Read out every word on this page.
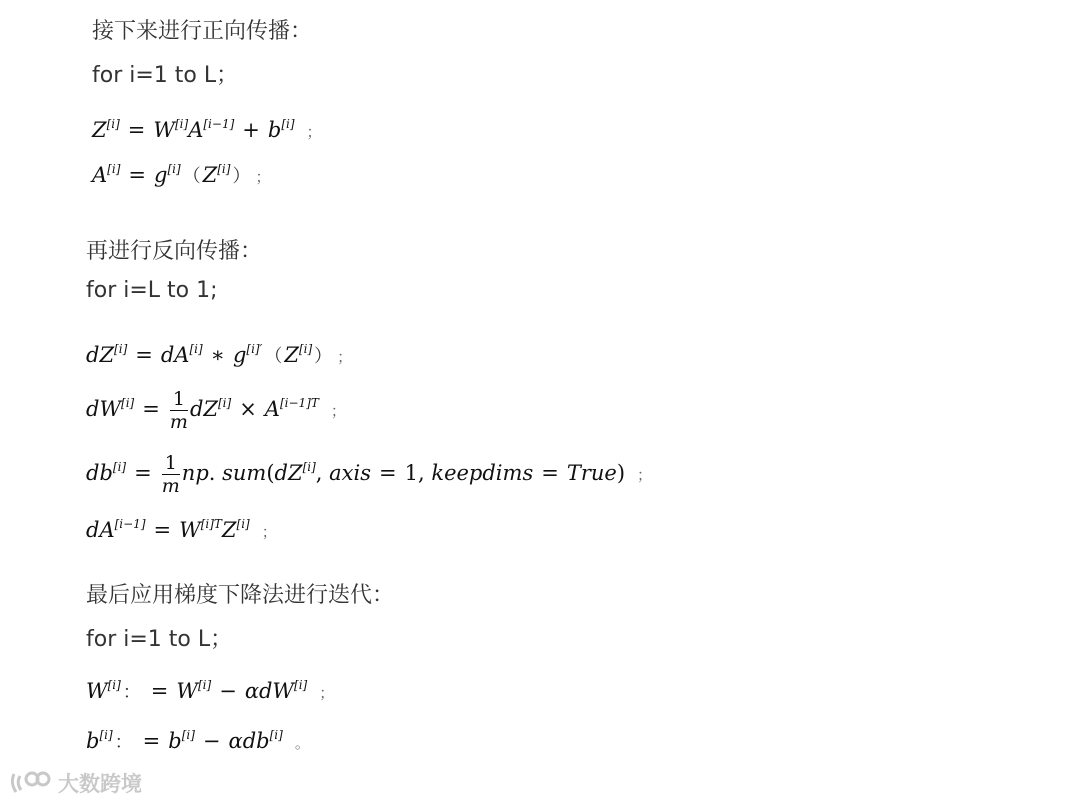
接下来进行正向传播：
for i=1 to L；
Z[i] = W[i]A[i−1] + b[i] ；
A[i] = g[i] （Z[i] ） ；
再进行反向传播：
for i=L to 1;
dZ[i] = dA[i] ∗ $g^{[i]'}$ （Z[i] ） ；
$dW[i] = \frac{1}{m} dZ[i] \times A^{[i-1]T}$ ；
$db[i] = \frac{1}{m}$ np. sum(dZ[i], axis = 1, keepdims = True) ；
$dA[i-1] = W^{[i]T}Z[i]$ ；
最后应用梯度下降法进行迭代：
for i=1 to L；
W[i] ： = W[i] − αdW[i] ；
b[i] ： = b[i] − αdb[i] 。
大数跨境
